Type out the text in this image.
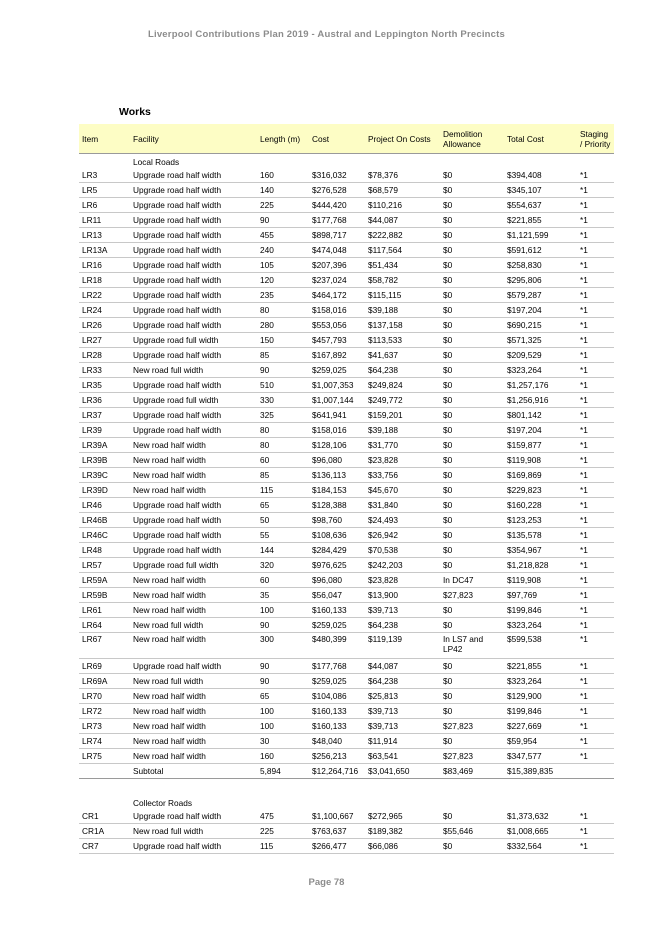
Liverpool Contributions Plan 2019 - Austral and Leppington North Precincts
Works
Item	Facility	Length (m)	Cost	Project On Costs	Demolition Allowance	Total Cost	Staging / Priority
	Local Roads						
LR3	Upgrade road half width	160	$316,032	$78,376	$0	$394,408	*1
LR5	Upgrade road half width	140	$276,528	$68,579	$0	$345,107	*1
LR6	Upgrade road half width	225	$444,420	$110,216	$0	$554,637	*1
LR11	Upgrade road half width	90	$177,768	$44,087	$0	$221,855	*1
LR13	Upgrade road half width	455	$898,717	$222,882	$0	$1,121,599	*1
LR13A	Upgrade road half width	240	$474,048	$117,564	$0	$591,612	*1
LR16	Upgrade road half width	105	$207,396	$51,434	$0	$258,830	*1
LR18	Upgrade road half width	120	$237,024	$58,782	$0	$295,806	*1
LR22	Upgrade road half width	235	$464,172	$115,115	$0	$579,287	*1
LR24	Upgrade road half width	80	$158,016	$39,188	$0	$197,204	*1
LR26	Upgrade road half width	280	$553,056	$137,158	$0	$690,215	*1
LR27	Upgrade road full width	150	$457,793	$113,533	$0	$571,325	*1
LR28	Upgrade road half width	85	$167,892	$41,637	$0	$209,529	*1
LR33	New road full width	90	$259,025	$64,238	$0	$323,264	*1
LR35	Upgrade road half width	510	$1,007,353	$249,824	$0	$1,257,176	*1
LR36	Upgrade road full width	330	$1,007,144	$249,772	$0	$1,256,916	*1
LR37	Upgrade road half width	325	$641,941	$159,201	$0	$801,142	*1
LR39	Upgrade road half width	80	$158,016	$39,188	$0	$197,204	*1
LR39A	New road half width	80	$128,106	$31,770	$0	$159,877	*1
LR39B	New road half width	60	$96,080	$23,828	$0	$119,908	*1
LR39C	New road half width	85	$136,113	$33,756	$0	$169,869	*1
LR39D	New road half width	115	$184,153	$45,670	$0	$229,823	*1
LR46	Upgrade road half width	65	$128,388	$31,840	$0	$160,228	*1
LR46B	Upgrade road half width	50	$98,760	$24,493	$0	$123,253	*1
LR46C	Upgrade road half width	55	$108,636	$26,942	$0	$135,578	*1
LR48	Upgrade road half width	144	$284,429	$70,538	$0	$354,967	*1
LR57	Upgrade road full width	320	$976,625	$242,203	$0	$1,218,828	*1
LR59A	New road half width	60	$96,080	$23,828	In DC47	$119,908	*1
LR59B	New road half width	35	$56,047	$13,900	$27,823	$97,769	*1
LR61	New road half width	100	$160,133	$39,713	$0	$199,846	*1
LR64	New road full width	90	$259,025	$64,238	$0	$323,264	*1
LR67	New road half width	300	$480,399	$119,139	In LS7 and LP42	$599,538	*1
LR69	Upgrade road half width	90	$177,768	$44,087	$0	$221,855	*1
LR69A	New road full width	90	$259,025	$64,238	$0	$323,264	*1
LR70	New road half width	65	$104,086	$25,813	$0	$129,900	*1
LR72	New road half width	100	$160,133	$39,713	$0	$199,846	*1
LR73	New road half width	100	$160,133	$39,713	$27,823	$227,669	*1
LR74	New road half width	30	$48,040	$11,914	$0	$59,954	*1
LR75	New road half width	160	$256,213	$63,541	$27,823	$347,577	*1
	Subtotal	5,894	$12,264,716	$3,041,650	$83,469	$15,389,835	

	Collector Roads						
CR1	Upgrade road half width	475	$1,100,667	$272,965	$0	$1,373,632	*1
CR1A	New road full width	225	$763,637	$189,382	$55,646	$1,008,665	*1
CR7	Upgrade road half width	115	$266,477	$66,086	$0	$332,564	*1
Page 78
